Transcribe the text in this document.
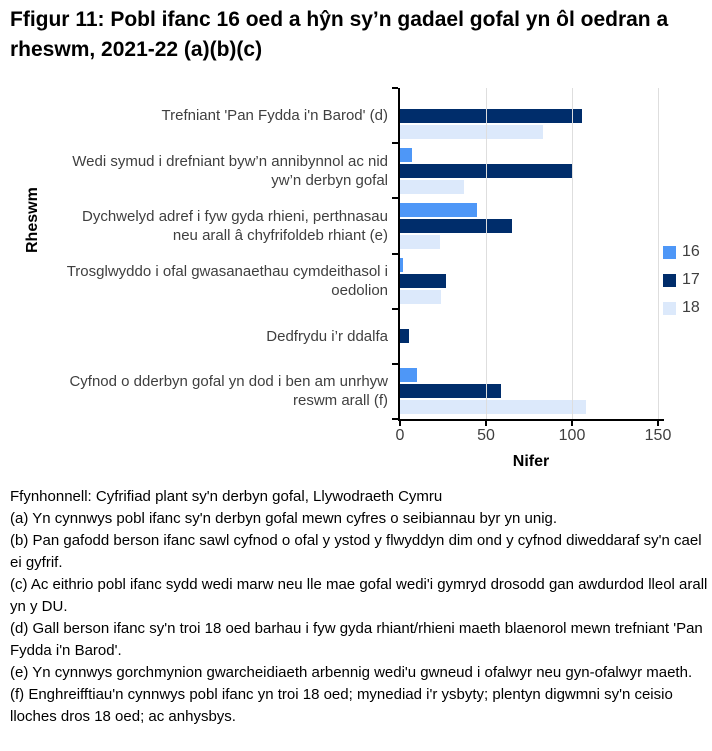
Ffigur 11: Pobl ifanc 16 oed a hŷn sy’n gadael gofal yn ôl oedran a rheswm, 2021-22 (a)(b)(c)
Rheswm
Trefniant 'Pan Fydda i'n Barod' (d)
Wedi symud i drefniant byw’n annibynnol ac nid yw’n derbyn gofal
Dychwelyd adref i fyw gyda rhieni, perthnasau neu arall â chyfrifoldeb rhiant (e)
Trosglwyddo i ofal gwasanaethau cymdeithasol i oedolion
Dedfrydu i’r ddalfa
Cyfnod o dderbyn gofal yn dod i ben am unrhyw reswm arall (f)
0	50	100	150
Nifer
16
17
18

Ffynhonnell: Cyfrifiad plant sy'n derbyn gofal, Llywodraeth Cymru

(a) Yn cynnwys pobl ifanc sy'n derbyn gofal mewn cyfres o seibiannau byr yn unig.

(b) Pan gafodd berson ifanc sawl cyfnod o ofal y ystod y flwyddyn dim ond y cyfnod diweddaraf sy'n cael ei gyfrif.

(c) Ac eithrio pobl ifanc sydd wedi marw neu lle mae gofal wedi'i gymryd drosodd gan awdurdod lleol arall yn y DU.

(d) Gall berson ifanc sy'n troi 18 oed barhau i fyw gyda rhiant/rhieni maeth blaenorol mewn trefniant 'Pan Fydda i'n Barod'.

(e) Yn cynnwys gorchmynion gwarcheidiaeth arbennig wedi'u gwneud i ofalwyr neu gyn-ofalwyr maeth.

(f) Enghreifftiau'n cynnwys pobl ifanc yn troi 18 oed; mynediad i'r ysbyty; plentyn digwmni sy'n ceisio lloches dros 18 oed; ac anhysbys.
